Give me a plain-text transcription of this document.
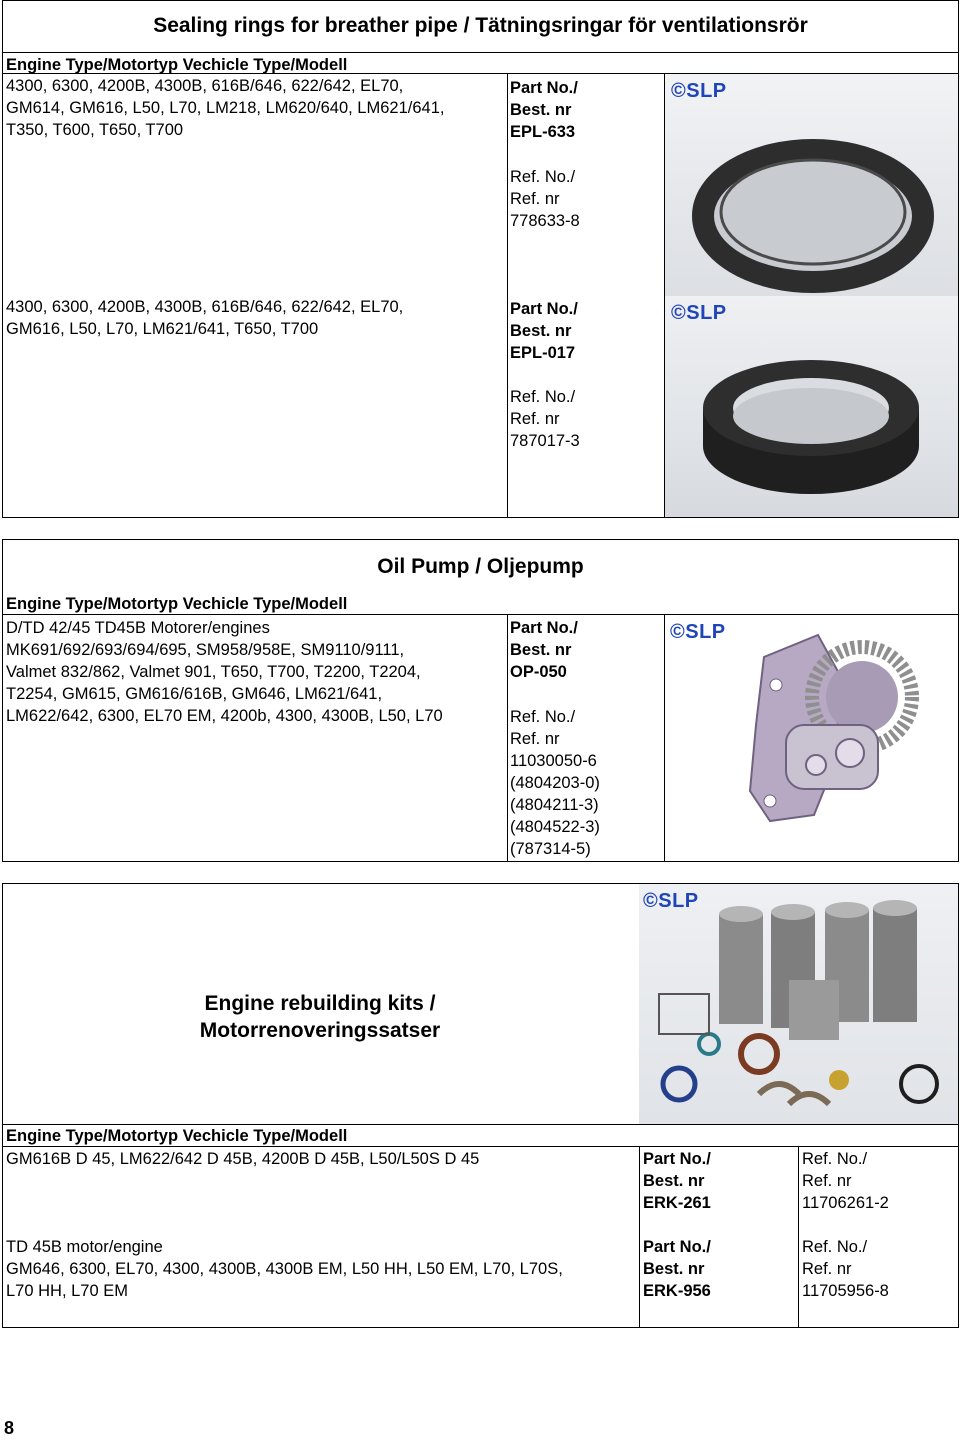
Sealing rings for breather pipe / Tätningsringar för ventilationsrör
Engine Type/Motortyp Vechicle Type/Modell
4300, 6300, 4200B, 4300B, 616B/646, 622/642, EL70,
GM614, GM616, L50, L70, LM218, LM620/640, LM621/641,
T350, T600, T650, T700
Part No./
Best. nr
EPL-633
Ref. No./
Ref. nr
778633-8
©SLP
4300, 6300, 4200B, 4300B, 616B/646, 622/642, EL70,
GM616, L50, L70, LM621/641, T650, T700
Part No./
Best. nr
EPL-017
Ref. No./
Ref. nr
787017-3
©SLP
Oil Pump / Oljepump
Engine Type/Motortyp Vechicle Type/Modell
D/TD 42/45 TD45B Motorer/engines
MK691/692/693/694/695, SM958/958E, SM9110/9111,
Valmet 832/862, Valmet 901, T650, T700, T2200, T2204,
T2254, GM615, GM616/616B, GM646, LM621/641,
LM622/642, 6300, EL70 EM, 4200b, 4300, 4300B, L50, L70
Part No./
Best. nr
OP-050
Ref. No./
Ref. nr
11030050-6
(4804203-0)
(4804211-3)
(4804522-3)
(787314-5)
©SLP
Engine rebuilding kits /
Motorrenoveringssatser
©SLP
Engine Type/Motortyp Vechicle Type/Modell
GM616B D 45, LM622/642 D 45B, 4200B D 45B, L50/L50S D 45	Part No./
Best. nr
ERK-261
Ref. No./
Ref. nr
11706261-2
TD 45B motor/engine
GM646, 6300, EL70, 4300, 4300B, 4300B EM, L50 HH, L50 EM, L70, L70S,
L70 HH, L70 EM
Part No./
Best. nr
ERK-956
Ref. No./
Ref. nr
11705956-8
8
